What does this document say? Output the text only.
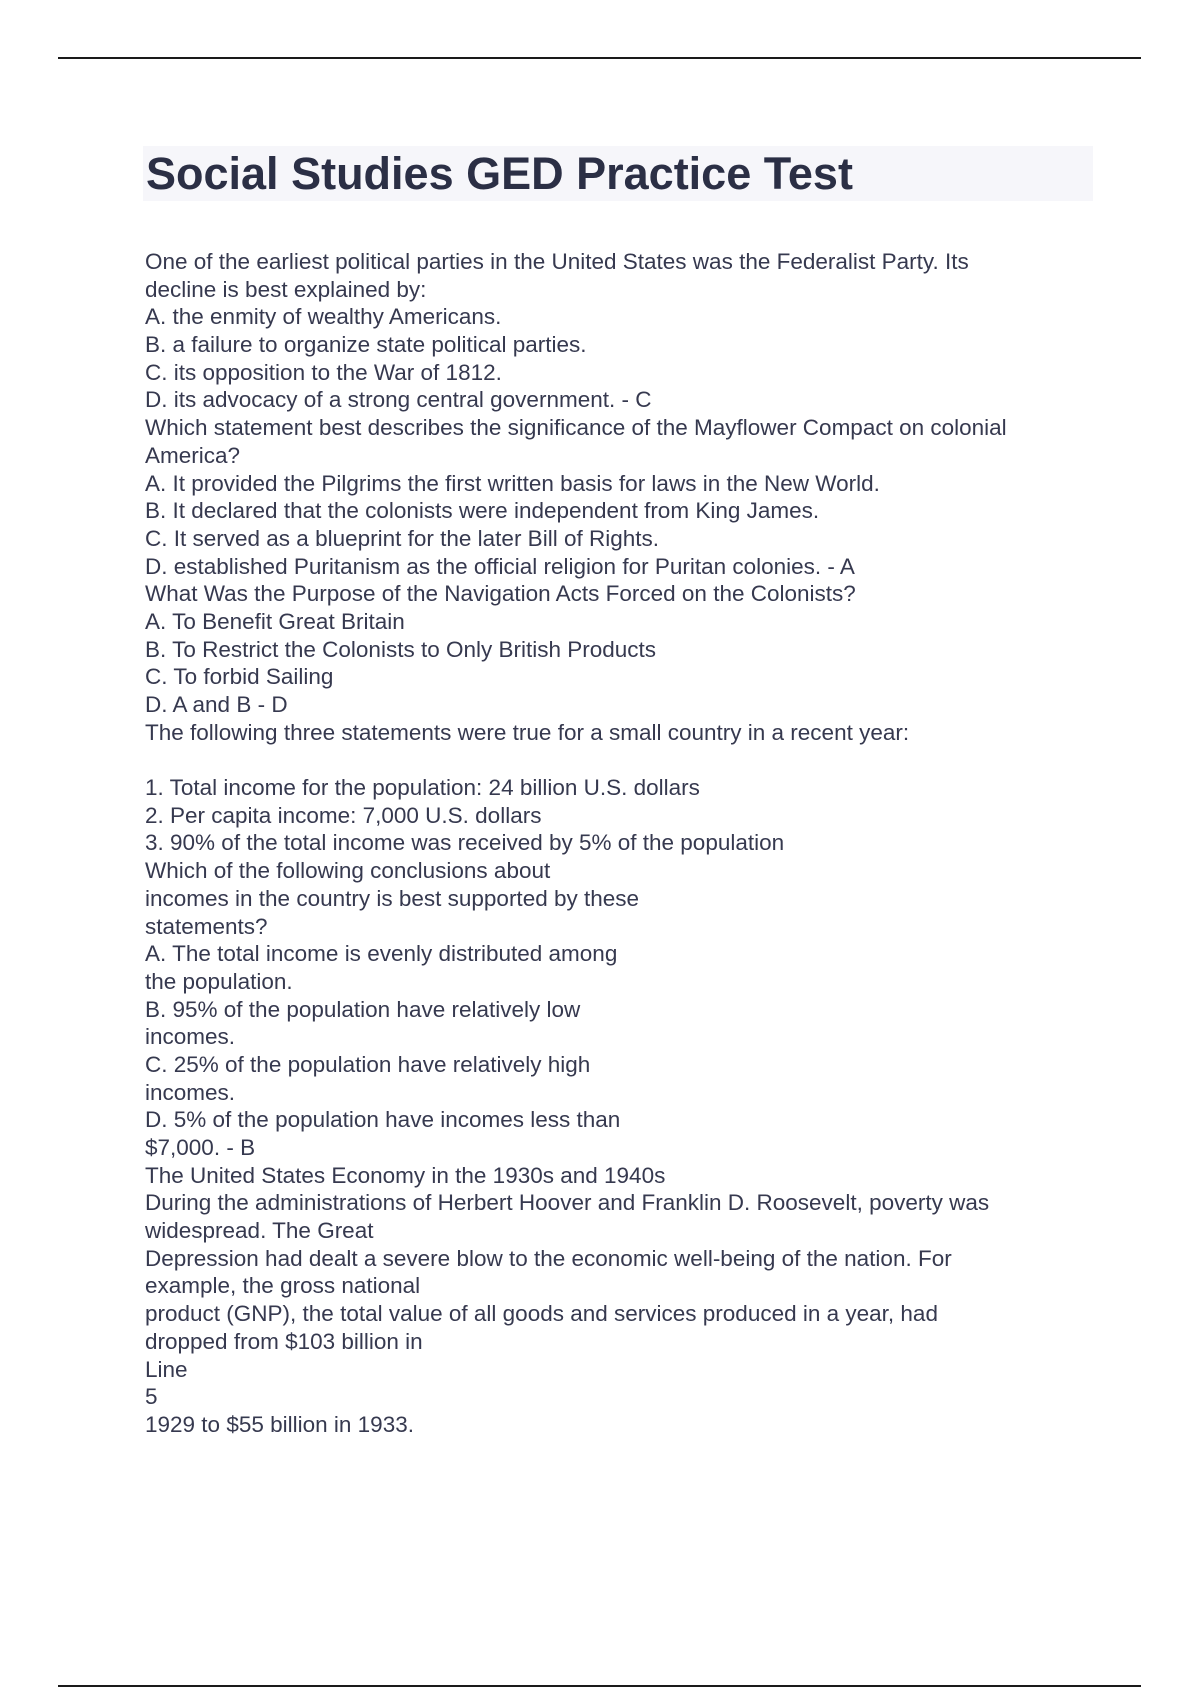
Social Studies GED Practice Test
One of the earliest political parties in the United States was the Federalist Party. Its
decline is best explained by:
A. the enmity of wealthy Americans.
B. a failure to organize state political parties.
C. its opposition to the War of 1812.
D. its advocacy of a strong central government. - C
Which statement best describes the significance of the Mayflower Compact on colonial
America?
A. It provided the Pilgrims the first written basis for laws in the New World.
B. It declared that the colonists were independent from King James.
C. It served as a blueprint for the later Bill of Rights.
D. established Puritanism as the official religion for Puritan colonies. - A
What Was the Purpose of the Navigation Acts Forced on the Colonists?
A. To Benefit Great Britain
B. To Restrict the Colonists to Only British Products
C. To forbid Sailing
D. A and B - D
The following three statements were true for a small country in a recent year:
1. Total income for the population: 24 billion U.S. dollars
2. Per capita income: 7,000 U.S. dollars
3. 90% of the total income was received by 5% of the population
Which of the following conclusions about
incomes in the country is best supported by these
statements?
A. The total income is evenly distributed among
the population.
B. 95% of the population have relatively low
incomes.
C. 25% of the population have relatively high
incomes.
D. 5% of the population have incomes less than
$7,000. - B
The United States Economy in the 1930s and 1940s
During the administrations of Herbert Hoover and Franklin D. Roosevelt, poverty was
widespread. The Great
Depression had dealt a severe blow to the economic well-being of the nation. For
example, the gross national
product (GNP), the total value of all goods and services produced in a year, had
dropped from $103 billion in
Line
5
1929 to $55 billion in 1933.
